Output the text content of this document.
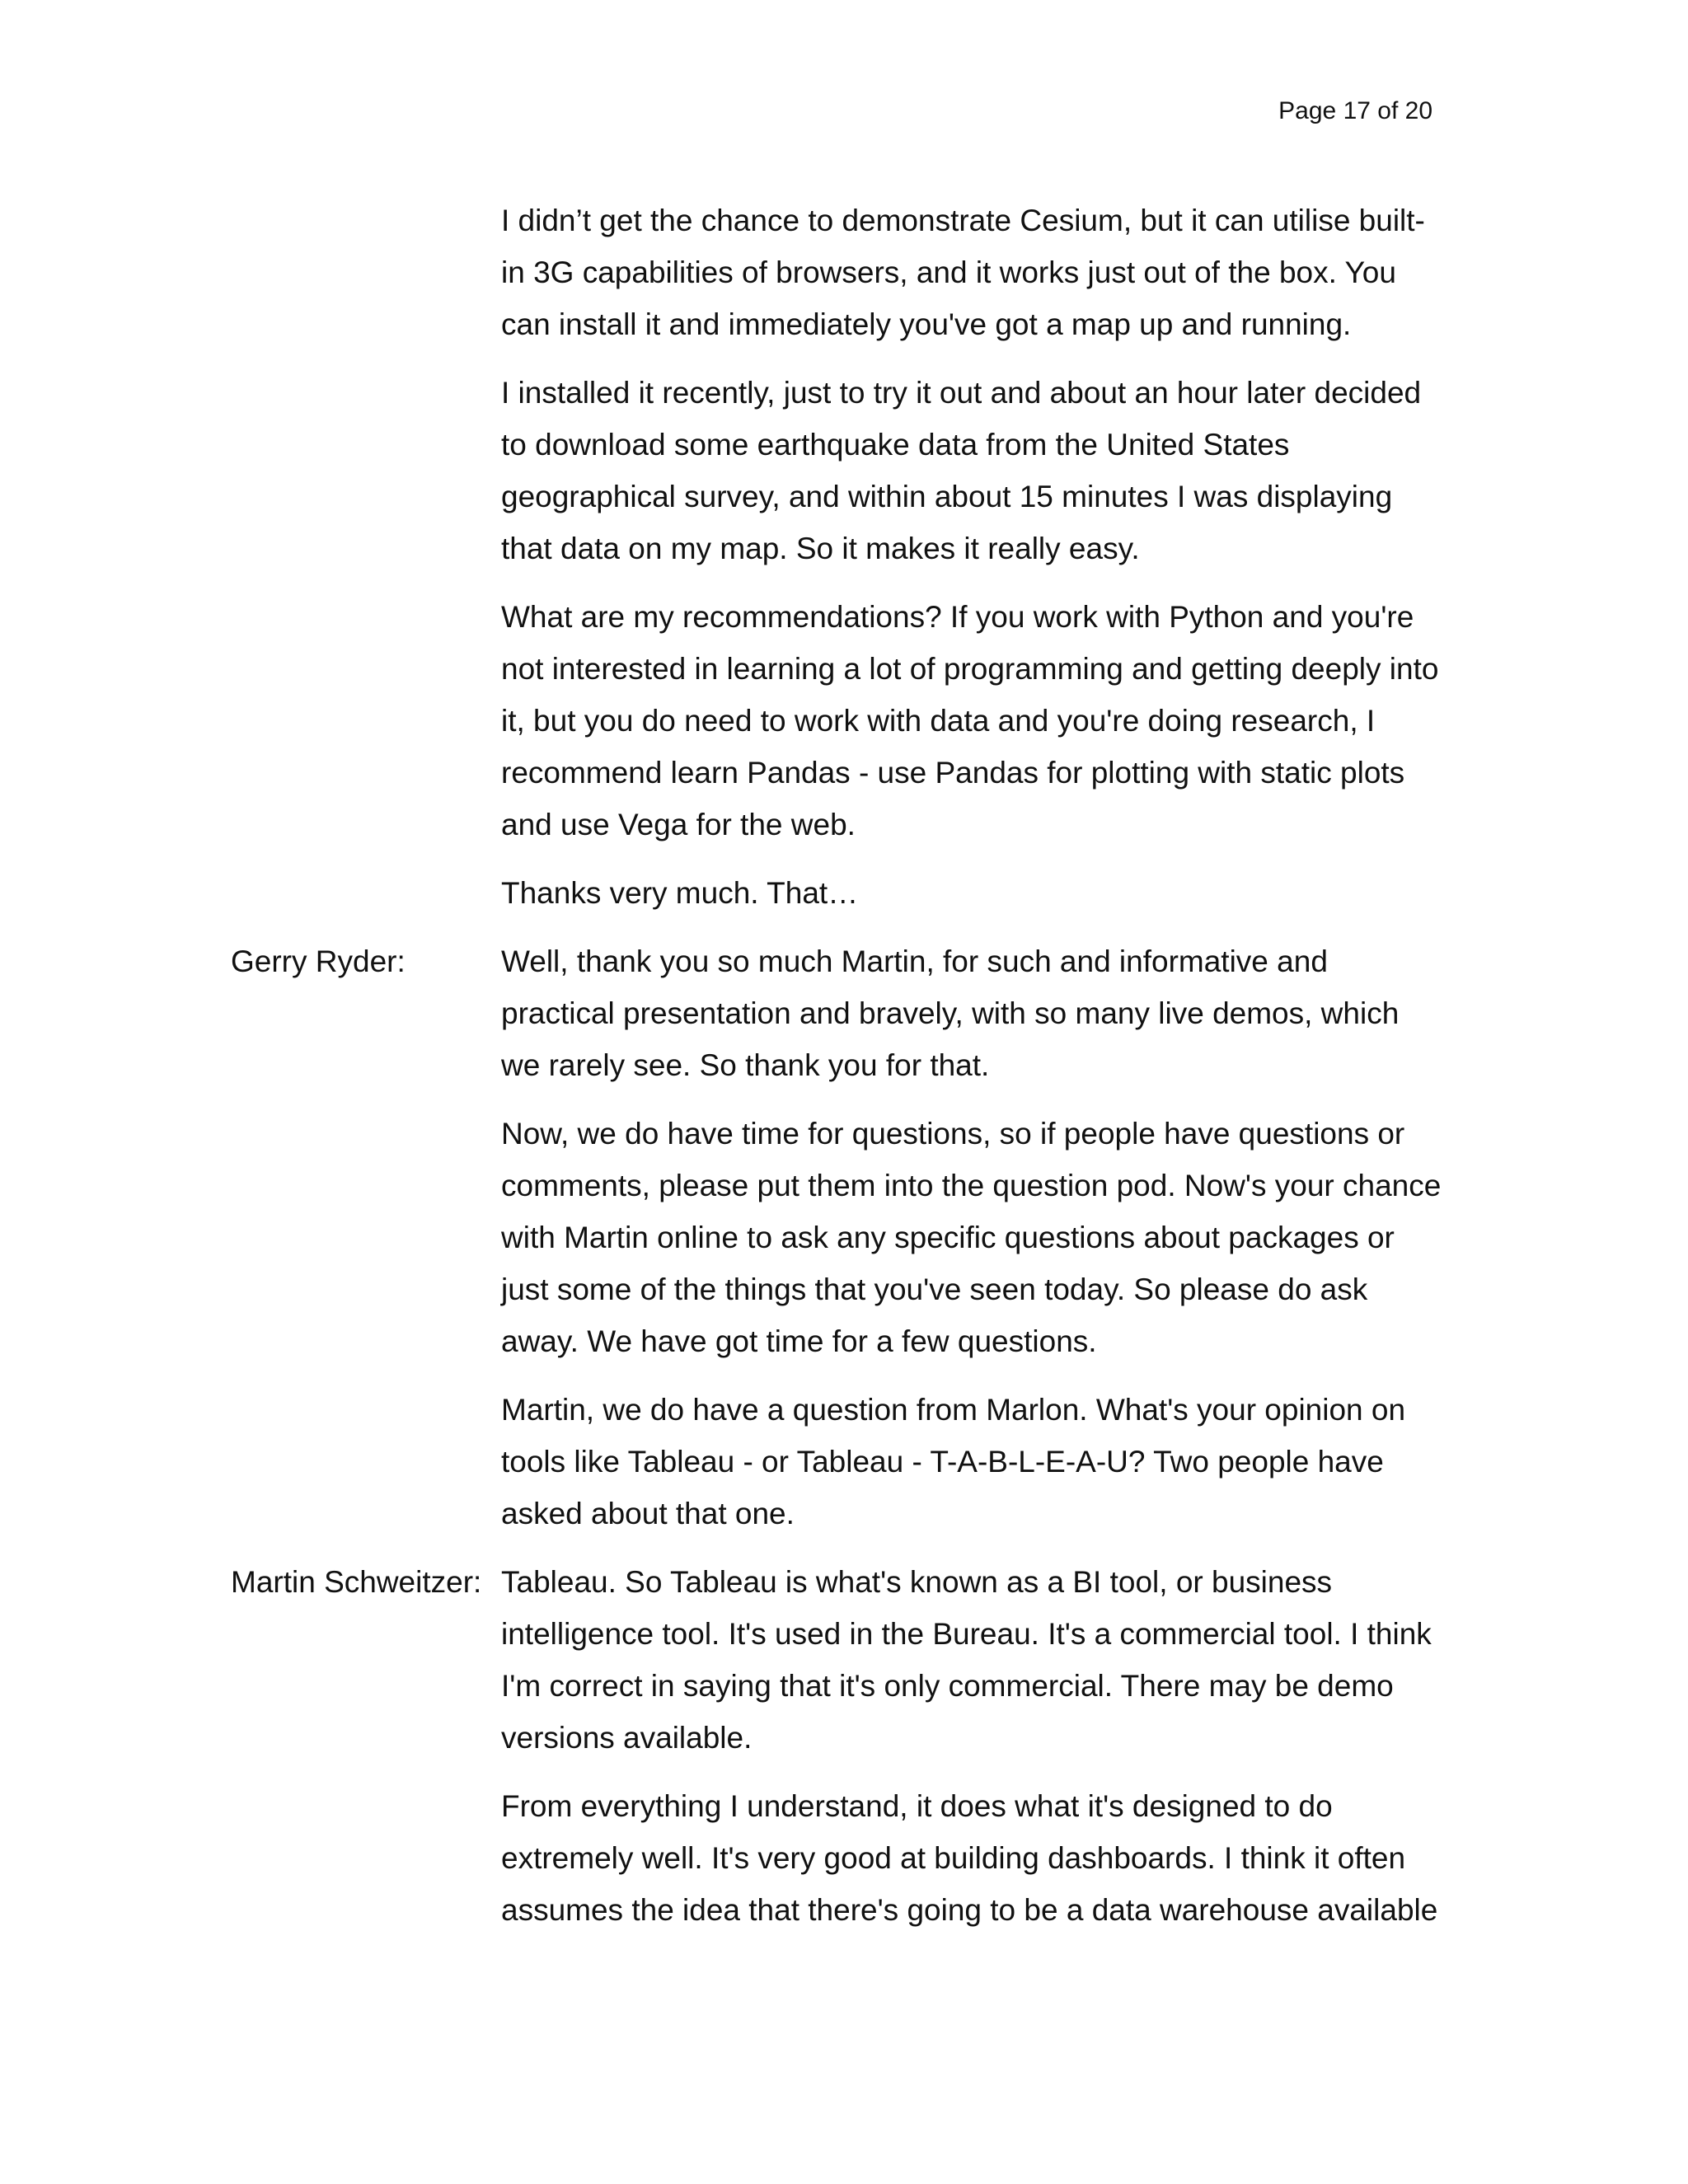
Page 17 of 20

I didn’t get the chance to demonstrate Cesium, but it can utilise built-in 3G capabilities of browsers, and it works just out of the box. You can install it and immediately you've got a map up and running.

I installed it recently, just to try it out and about an hour later decided to download some earthquake data from the United States geographical survey, and within about 15 minutes I was displaying that data on my map. So it makes it really easy.

What are my recommendations? If you work with Python and you're not interested in learning a lot of programming and getting deeply into it, but you do need to work with data and you're doing research, I recommend learn Pandas - use Pandas for plotting with static plots and use Vega for the web.

Thanks very much. That…

Gerry Ryder:	Well, thank you so much Martin, for such and informative and practical presentation and bravely, with so many live demos, which we rarely see. So thank you for that.

Now, we do have time for questions, so if people have questions or comments, please put them into the question pod. Now's your chance with Martin online to ask any specific questions about packages or just some of the things that you've seen today. So please do ask away. We have got time for a few questions.

Martin, we do have a question from Marlon. What's your opinion on tools like Tableau - or Tableau - T-A-B-L-E-A-U? Two people have asked about that one.

Martin Schweitzer: Tableau. So Tableau is what's known as a BI tool, or business intelligence tool. It's used in the Bureau. It's a commercial tool. I think I'm correct in saying that it's only commercial. There may be demo versions available.

From everything I understand, it does what it's designed to do extremely well. It's very good at building dashboards. I think it often assumes the idea that there's going to be a data warehouse available
